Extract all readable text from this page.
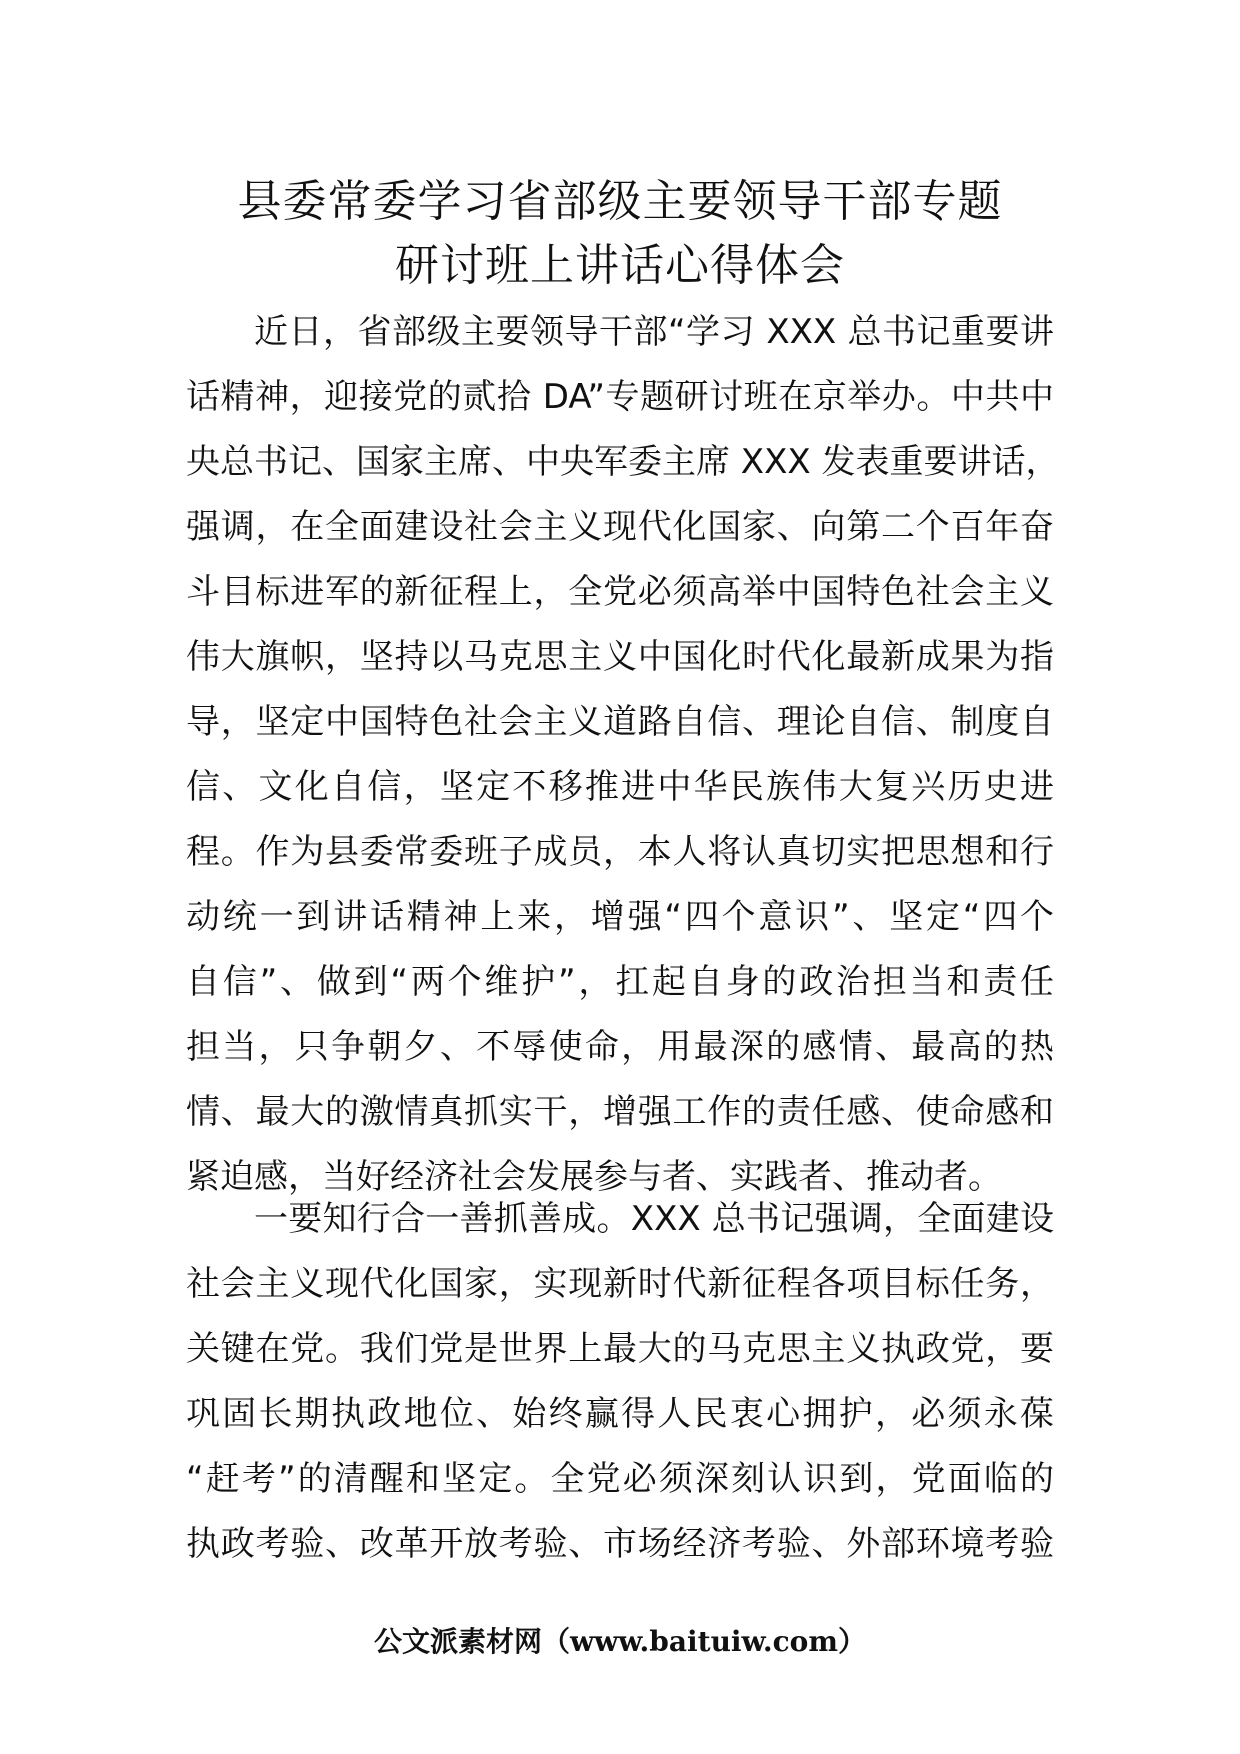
县委常委学习省部级主要领导干部专题
研讨班上讲话心得体会
近日，省部级主要领导干部“学习 XXX 总书记重要讲
话精神，迎接党的贰拾 DA”专题研讨班在京举办。中共中
央总书记、国家主席、中央军委主席 XXX 发表重要讲话，
强调，在全面建设社会主义现代化国家、向第二个百年奋
斗目标进军的新征程上，全党必须高举中国特色社会主义
伟大旗帜，坚持以马克思主义中国化时代化最新成果为指
导，坚定中国特色社会主义道路自信、理论自信、制度自
信、文化自信，坚定不移推进中华民族伟大复兴历史进
程。作为县委常委班子成员，本人将认真切实把思想和行
动统一到讲话精神上来，增强“四个意识”、坚定“四个
自信”、做到“两个维护”，扛起自身的政治担当和责任
担当，只争朝夕、不辱使命，用最深的感情、最高的热
情、最大的激情真抓实干，增强工作的责任感、使命感和
紧迫感，当好经济社会发展参与者、实践者、推动者。
一要知行合一善抓善成。XXX 总书记强调，全面建设
社会主义现代化国家，实现新时代新征程各项目标任务，
关键在党。我们党是世界上最大的马克思主义执政党，要
巩固长期执政地位、始终赢得人民衷心拥护，必须永葆
“赶考”的清醒和坚定。全党必须深刻认识到，党面临的
执政考验、改革开放考验、市场经济考验、外部环境考验
公文派素材网（www.baituiw.com）
